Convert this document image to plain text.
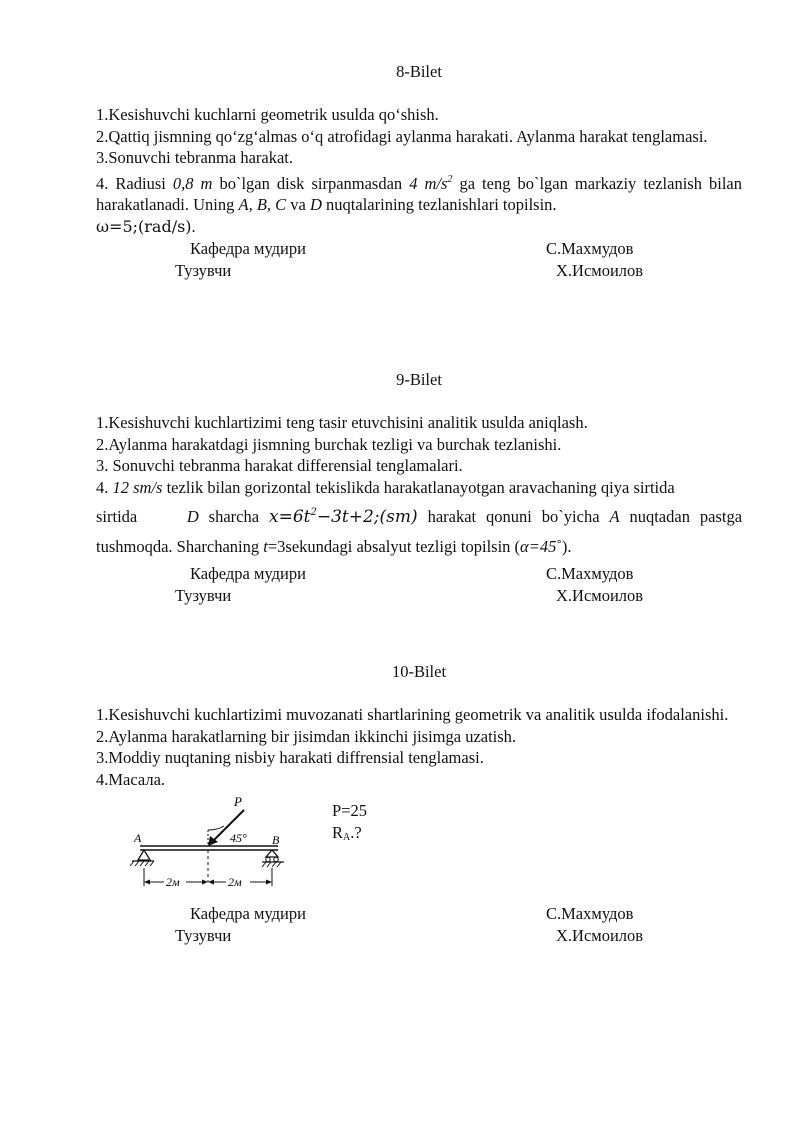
8-Bilet

1.Kesishuvchi kuchlarni geometrik usulda qo‘shish.

2.Qattiq jismning qo‘zg‘almas o‘q atrofidagi aylanma harakati. Aylanma harakat tenglamasi.

3.Sonuvchi tebranma harakat.

4. Radiusi 0,8 m bo`lgan disk sirpanmasdan 4 $m/s^2$ ga teng bo`lgan markaziy tezlanish bilan harakatlanadi. Uning A, B, C va D nuqtalarining tezlanishlari topilsin.

ω=5;(rad/s).

Кафедра мудири	С.Махмудов
Тузувчи	Х.Исмоилов

9-Bilet

1.Kesishuvchi kuchlartizimi teng tasir etuvchisini analitik usulda aniqlash.

2.Aylanma harakatdagi jismning burchak tezligi va burchak tezlanishi.

3. Sonuvchi tebranma harakat differensial tenglamalari.

4. 12 sm/s tezlik bilan gorizontal tekislikda harakatlanayotgan aravachaning qiya sirtida

sirtida     D sharcha $x=6t^2-3t+2;(sm)$ harakat qonuni bo`yicha A nuqtadan pastga tushmoqda. Sharchaning t=3sekundagi absalyut tezligi topilsin (α=45˚).

Кафедра мудири	С.Махмудов
Тузувчи	Х.Исмоилов

10-Bilet

1.Kesishuvchi kuchlartizimi muvozanati shartlarining geometrik va analitik usulda ifodalanishi.

2.Aylanma harakatlarning bir jisimdan ikkinchi jisimga uzatish.

3.Moddiy nuqtaning nisbiy harakati diffrensial tenglamasi.

4.Масала.

P
45°
A	B
2м	2м
P=25
$R_A$.?
Кафедра мудири	С.Махмудов
Тузувчи	Х.Исмоилов
